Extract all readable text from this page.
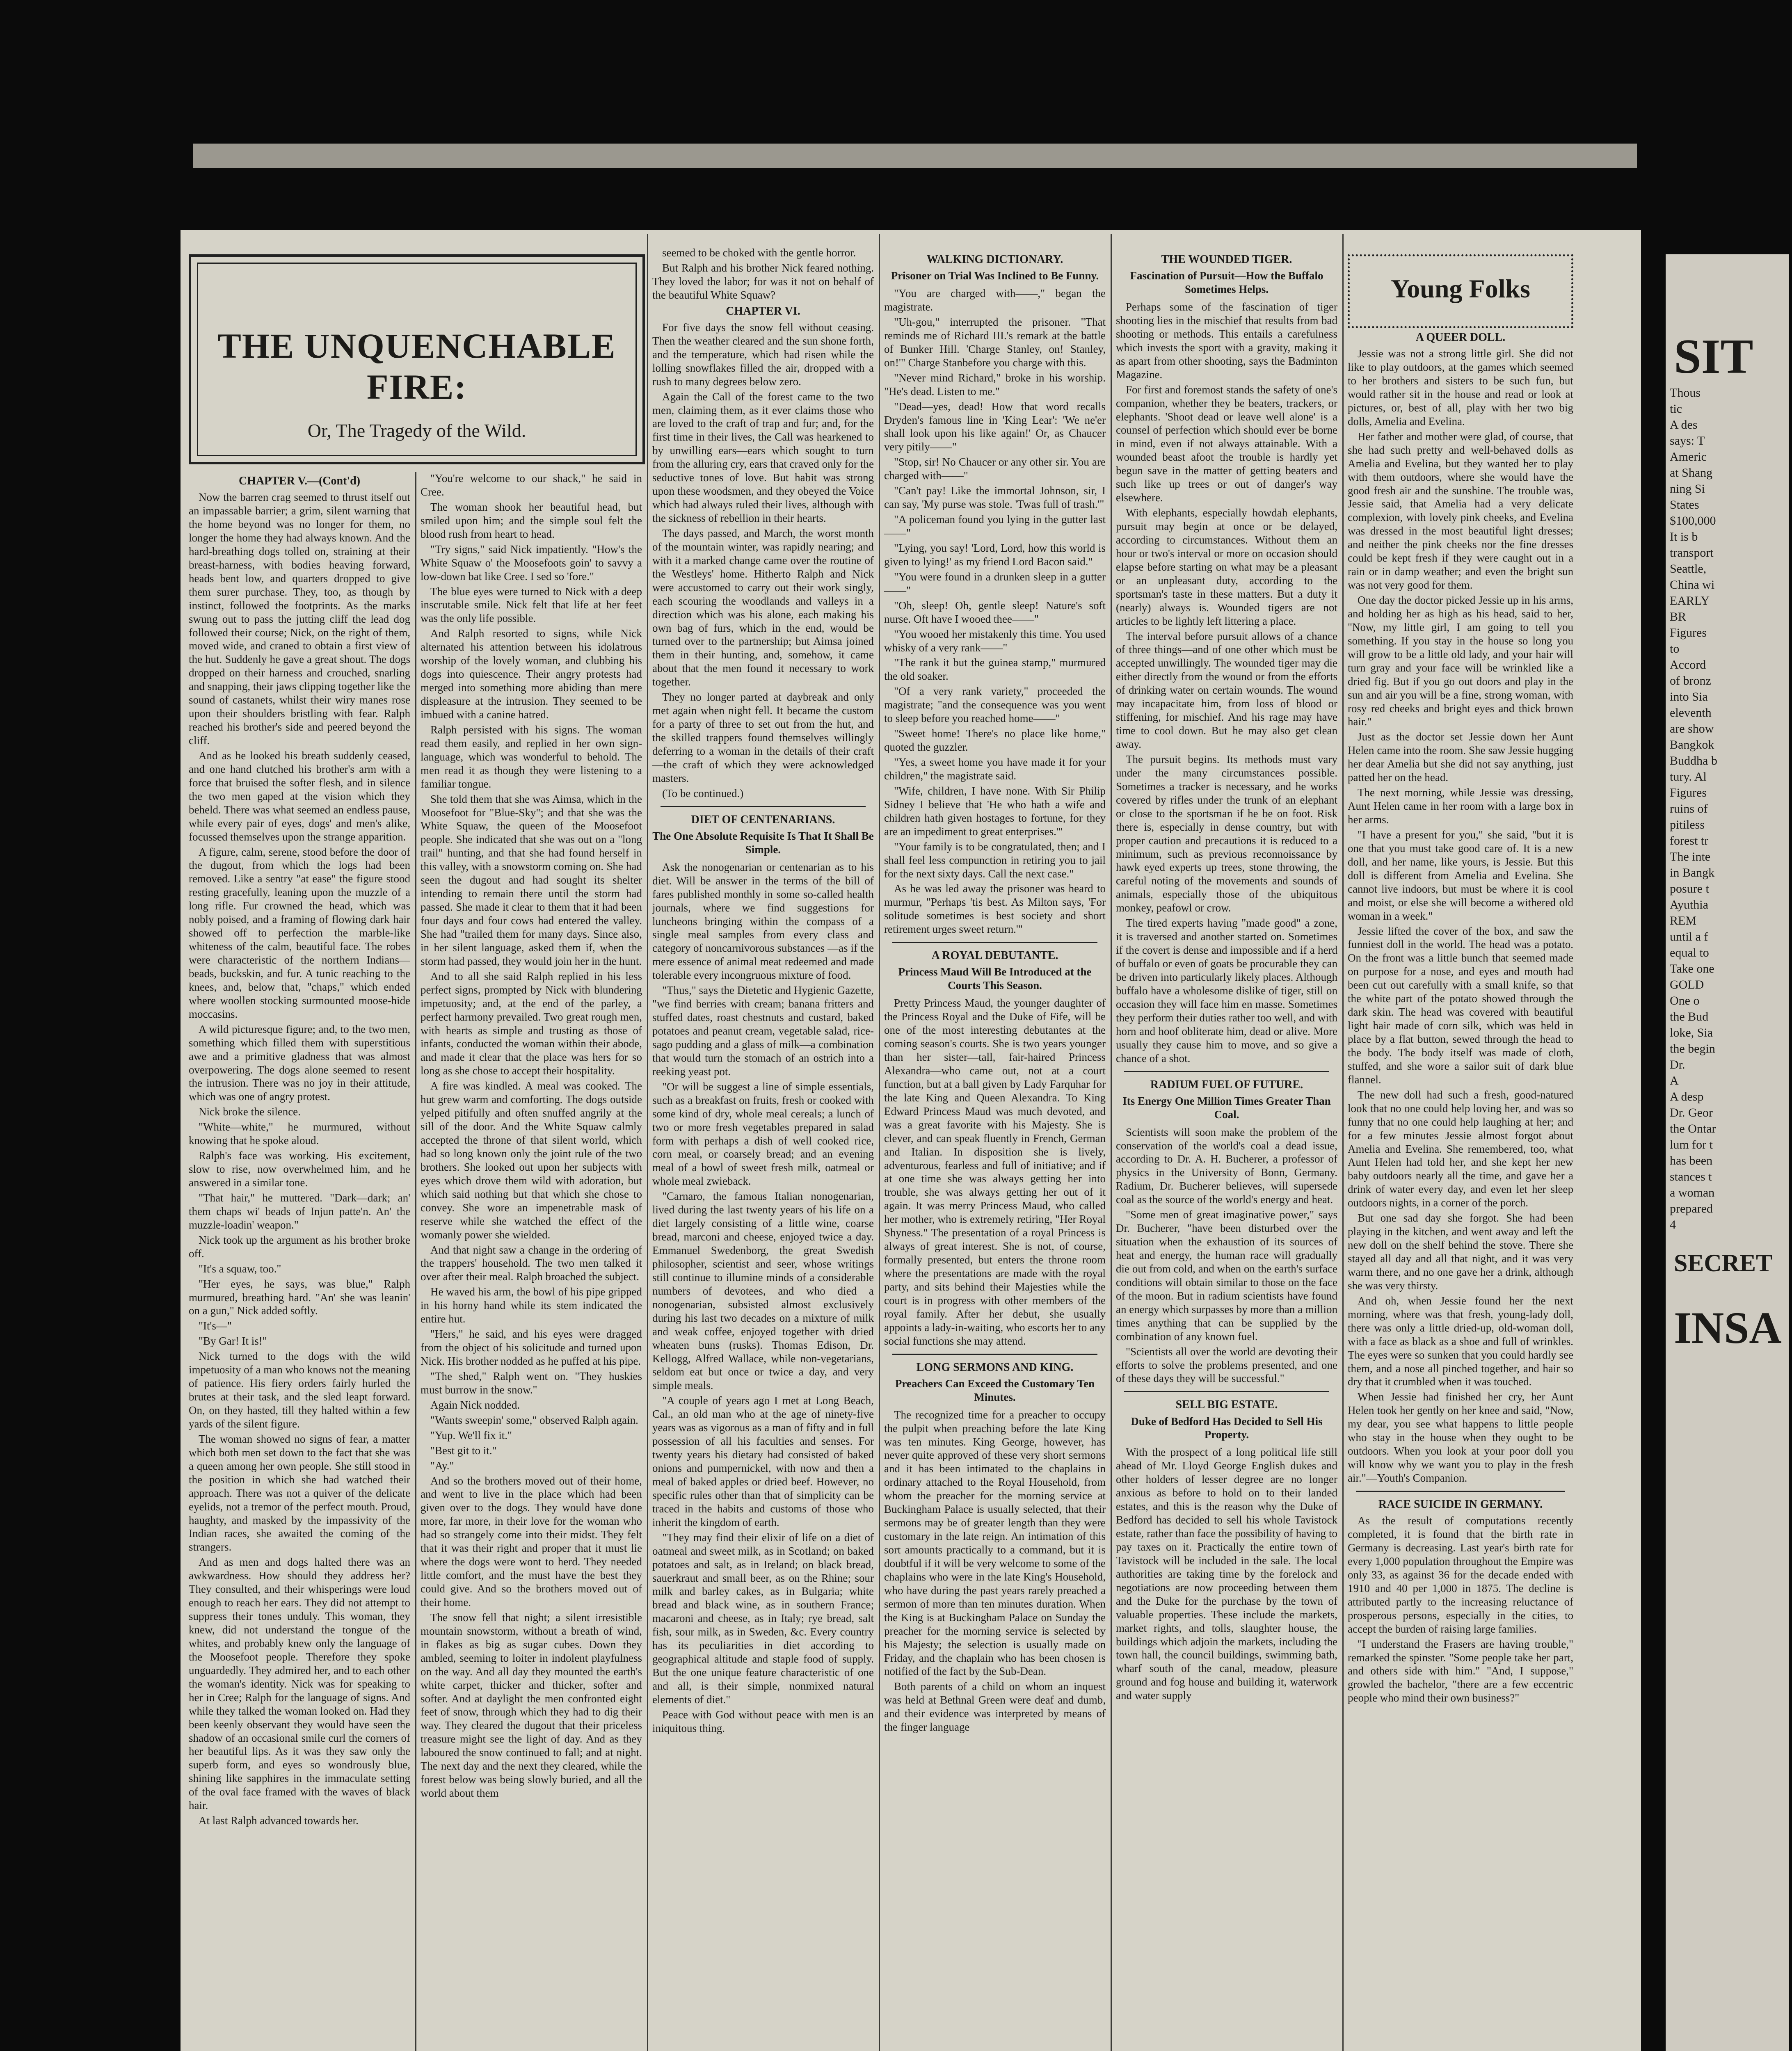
THE UNQUENCHABLE FIRE:
Or, The Tragedy of the Wild.
CHAPTER V.—(Cont'd)

Now the barren crag seemed to thrust itself out an impassable barrier; a grim, silent warning that the home beyond was no longer for them, no longer the home they had always known. And the hard-breathing dogs tolled on, straining at their breast-harness, with bodies heaving forward, heads bent low, and quarters dropped to give them surer purchase. They, too, as though by instinct, followed the footprints. As the marks swung out to pass the jutting cliff the lead dog followed their course; Nick, on the right of them, moved wide, and craned to obtain a first view of the hut. Suddenly he gave a great shout. The dogs dropped on their harness and crouched, snarling and snapping, their jaws clipping together like the sound of castanets, whilst their wiry manes rose upon their shoulders bristling with fear. Ralph reached his brother's side and peered beyond the cliff.

And as he looked his breath suddenly ceased, and one hand clutched his brother's arm with a force that bruised the softer flesh, and in silence the two men gaped at the vision which they beheld. There was what seemed an endless pause, while every pair of eyes, dogs' and men's alike, focussed themselves upon the strange apparition.

A figure, calm, serene, stood before the door of the dugout, from which the logs had been removed. Like a sentry "at ease" the figure stood resting gracefully, leaning upon the muzzle of a long rifle. Fur crowned the head, which was nobly poised, and a framing of flowing dark hair showed off to perfection the marble-like whiteness of the calm, beautiful face. The robes were characteristic of the northern Indians—beads, buckskin, and fur. A tunic reaching to the knees, and, below that, "chaps," which ended where woollen stocking surmounted moose-hide moccasins.

A wild picturesque figure; and, to the two men, something which filled them with superstitious awe and a primitive gladness that was almost overpowering. The dogs alone seemed to resent the intrusion. There was no joy in their attitude, which was one of angry protest.

Nick broke the silence.

"White—white," he murmured, without knowing that he spoke aloud.

Ralph's face was working. His excitement, slow to rise, now overwhelmed him, and he answered in a similar tone.

"That hair," he muttered. "Dark—dark; an' them chaps wi' beads of Injun patte'n. An' the muzzle-loadin' weapon."

Nick took up the argument as his brother broke off.

"It's a squaw, too."

"Her eyes, he says, was blue," Ralph murmured, breathing hard. "An' she was leanin' on a gun," Nick added softly.

"It's—"

"By Gar! It is!"

Nick turned to the dogs with the wild impetuosity of a man who knows not the meaning of patience. His fiery orders fairly hurled the brutes at their task, and the sled leapt forward. On, on they hasted, till they halted within a few yards of the silent figure.

The woman showed no signs of fear, a matter which both men set down to the fact that she was a queen among her own people. She still stood in the position in which she had watched their approach. There was not a quiver of the delicate eyelids, not a tremor of the perfect mouth. Proud, haughty, and masked by the impassivity of the Indian races, she awaited the coming of the strangers.

And as men and dogs halted there was an awkwardness. How should they address her? They consulted, and their whisperings were loud enough to reach her ears. They did not attempt to suppress their tones unduly. This woman, they knew, did not understand the tongue of the whites, and probably knew only the language of the Moosefoot people. Therefore they spoke unguardedly. They admired her, and to each other the woman's identity. Nick was for speaking to her in Cree; Ralph for the language of signs. And while they talked the woman looked on. Had they been keenly observant they would have seen the shadow of an occasional smile curl the corners of her beautiful lips. As it was they saw only the superb form, and eyes so wondrously blue, shining like sapphires in the immaculate setting of the oval face framed with the waves of black hair.

At last Ralph advanced towards her.

"You're welcome to our shack," he said in Cree.

The woman shook her beautiful head, but smiled upon him; and the simple soul felt the blood rush from heart to head.

"Try signs," said Nick impatiently. "How's the White Squaw o' the Moosefoots goin' to savvy a low-down bat like Cree. I sed so 'fore."

The blue eyes were turned to Nick with a deep inscrutable smile. Nick felt that life at her feet was the only life possible.

And Ralph resorted to signs, while Nick alternated his attention between his idolatrous worship of the lovely woman, and clubbing his dogs into quiescence. Their angry protests had merged into something more abiding than mere displeasure at the intrusion. They seemed to be imbued with a canine hatred.

Ralph persisted with his signs. The woman read them easily, and replied in her own sign-language, which was wonderful to behold. The men read it as though they were listening to a familiar tongue.

She told them that she was Aimsa, which in the Moosefoot for "Blue-Sky"; and that she was the White Squaw, the queen of the Moosefoot people. She indicated that she was out on a "long trail" hunting, and that she had found herself in this valley, with a snowstorm coming on. She had seen the dugout and had sought its shelter intending to remain there until the storm had passed. She made it clear to them that it had been four days and four cows had entered the valley. She had "trailed them for many days. Since also, in her silent language, asked them if, when the storm had passed, they would join her in the hunt.

And to all she said Ralph replied in his less perfect signs, prompted by Nick with blundering impetuosity; and, at the end of the parley, a perfect harmony prevailed. Two great rough men, with hearts as simple and trusting as those of infants, conducted the woman within their abode, and made it clear that the place was hers for so long as she chose to accept their hospitality.

A fire was kindled. A meal was cooked. The hut grew warm and comforting. The dogs outside yelped pitifully and often snuffed angrily at the sill of the door. And the White Squaw calmly accepted the throne of that silent world, which had so long known only the joint rule of the two brothers. She looked out upon her subjects with eyes which drove them wild with adoration, but which said nothing but that which she chose to convey. She wore an impenetrable mask of reserve while she watched the effect of the womanly power she wielded.

And that night saw a change in the ordering of the trappers' household. The two men talked it over after their meal. Ralph broached the subject.

He waved his arm, the bowl of his pipe gripped in his horny hand while its stem indicated the entire hut.

"Hers," he said, and his eyes were dragged from the object of his solicitude and turned upon Nick. His brother nodded as he puffed at his pipe.

"The shed," Ralph went on. "They huskies must burrow in the snow."

Again Nick nodded.

"Wants sweepin' some," observed Ralph again.

"Yup. We'll fix it."

"Best git to it."

"Ay."

And so the brothers moved out of their home, and went to live in the place which had been given over to the dogs. They would have done more, far more, in their love for the woman who had so strangely come into their midst. They felt that it was their right and proper that it must lie where the dogs were wont to herd. They needed little comfort, and the must have the best they could give. And so the brothers moved out of their home.

The snow fell that night; a silent irresistible mountain snowstorm, without a breath of wind, in flakes as big as sugar cubes. Down they ambled, seeming to loiter in indolent playfulness on the way. And all day they mounted the earth's white carpet, thicker and thicker, softer and softer. And at daylight the men confronted eight feet of snow, through which they had to dig their way. They cleared the dugout that their priceless treasure might see the light of day. And as they laboured the snow continued to fall; and at night. The next day and the next they cleared, while the forest below was being slowly buried, and all the world about them

seemed to be choked with the gentle horror.

But Ralph and his brother Nick feared nothing. They loved the labor; for was it not on behalf of the beautiful White Squaw?

CHAPTER VI.

For five days the snow fell without ceasing. Then the weather cleared and the sun shone forth, and the temperature, which had risen while the lolling snowflakes filled the air, dropped with a rush to many degrees below zero.

Again the Call of the forest came to the two men, claiming them, as it ever claims those who are loved to the craft of trap and fur; and, for the first time in their lives, the Call was hearkened to by unwilling ears—ears which sought to turn from the alluring cry, ears that craved only for the seductive tones of love. But habit was strong upon these woodsmen, and they obeyed the Voice which had always ruled their lives, although with the sickness of rebellion in their hearts.

The days passed, and March, the worst month of the mountain winter, was rapidly nearing; and with it a marked change came over the routine of the Westleys' home. Hitherto Ralph and Nick were accustomed to carry out their work singly, each scouring the woodlands and valleys in a direction which was his alone, each making his own bag of furs, which in the end, would be turned over to the partnership; but Aimsa joined them in their hunting, and, somehow, it came about that the men found it necessary to work together.

They no longer parted at daybreak and only met again when night fell. It became the custom for a party of three to set out from the hut, and the skilled trappers found themselves willingly deferring to a woman in the details of their craft—the craft of which they were acknowledged masters.

(To be continued.)

DIET OF CENTENARIANS.
The One Absolute Requisite Is That It Shall Be Simple.

Ask the nonogenarian or centenarian as to his diet. Will be answer in the terms of the bill of fares published monthly in some so-called health journals, where we find suggestions for luncheons bringing within the compass of a single meal samples from every class and category of noncarnivorous substances —as if the mere essence of animal meat redeemed and made tolerable every incongruous mixture of food.

"Thus," says the Dietetic and Hygienic Gazette, "we find berries with cream; banana fritters and stuffed dates, roast chestnuts and custard, baked potatoes and peanut cream, vegetable salad, rice-sago pudding and a glass of milk—a combination that would turn the stomach of an ostrich into a reeking yeast pot.

"Or will be suggest a line of simple essentials, such as a breakfast on fruits, fresh or cooked with some kind of dry, whole meal cereals; a lunch of two or more fresh vegetables prepared in salad form with perhaps a dish of well cooked rice, corn meal, or coarsely bread; and an evening meal of a bowl of sweet fresh milk, oatmeal or whole meal zwieback.

"Carnaro, the famous Italian nonogenarian, lived during the last twenty years of his life on a diet largely consisting of a little wine, coarse bread, marconi and cheese, enjoyed twice a day. Emmanuel Swedenborg, the great Swedish philosopher, scientist and seer, whose writings still continue to illumine minds of a considerable numbers of devotees, and who died a nonogenarian, subsisted almost exclusively during his last two decades on a mixture of milk and weak coffee, enjoyed together with dried wheaten buns (rusks). Thomas Edison, Dr. Kellogg, Alfred Wallace, while non-vegetarians, seldom eat but once or twice a day, and very simple meals.

"A couple of years ago I met at Long Beach, Cal., an old man who at the age of ninety-five years was as vigorous as a man of fifty and in full possession of all his faculties and senses. For twenty years his dietary had consisted of baked onions and pumpernickel, with now and then a meal of baked apples or dried beef. However, no specific rules other than that of simplicity can be traced in the habits and customs of those who inherit the kingdom of earth.

"They may find their elixir of life on a diet of oatmeal and sweet milk, as in Scotland; on baked potatoes and salt, as in Ireland; on black bread, sauerkraut and small beer, as on the Rhine; sour milk and barley cakes, as in Bulgaria; white bread and black wine, as in southern France; macaroni and cheese, as in Italy; rye bread, salt fish, sour milk, as in Sweden, &c. Every country has its peculiarities in diet according to geographical altitude and staple food of supply. But the one unique feature characteristic of one and all, is their simple, nonmixed natural elements of diet."

Peace with God without peace with men is an iniquitous thing.

WALKING DICTIONARY.
Prisoner on Trial Was Inclined to Be Funny.

"You are charged with——," began the magistrate.

"Uh-gou," interrupted the prisoner. "That reminds me of Richard III.'s remark at the battle of Bunker Hill. 'Charge Stanley, on! Stanley, on!'" Charge Stanbefore you charge with this.

"Never mind Richard," broke in his worship. "He's dead. Listen to me."

"Dead—yes, dead! How that word recalls Dryden's famous line in 'King Lear': 'We ne'er shall look upon his like again!' Or, as Chaucer very pitily——"

"Stop, sir! No Chaucer or any other sir. You are charged with——"

"Can't pay! Like the immortal Johnson, sir, I can say, 'My purse was stole. 'Twas full of trash.'"

"A policeman found you lying in the gutter last——"

"Lying, you say! 'Lord, Lord, how this world is given to lying!' as my friend Lord Bacon said."

"You were found in a drunken sleep in a gutter——"

"Oh, sleep! Oh, gentle sleep! Nature's soft nurse. Oft have I wooed thee——"

"You wooed her mistakenly this time. You used whisky of a very rank——"

"The rank it but the guinea stamp," murmured the old soaker.

"Of a very rank variety," proceeded the magistrate; "and the consequence was you went to sleep before you reached home——"

"Sweet home! There's no place like home," quoted the guzzler.

"Yes, a sweet home you have made it for your children," the magistrate said.

"Wife, children, I have none. With Sir Philip Sidney I believe that 'He who hath a wife and children hath given hostages to fortune, for they are an impediment to great enterprises.'"

"Your family is to be congratulated, then; and I shall feel less compunction in retiring you to jail for the next sixty days. Call the next case."

As he was led away the prisoner was heard to murmur, "Perhaps 'tis best. As Milton says, 'For solitude sometimes is best society and short retirement urges sweet return.'"

A ROYAL DEBUTANTE.
Princess Maud Will Be Introduced at the Courts This Season.

Pretty Princess Maud, the younger daughter of the Princess Royal and the Duke of Fife, will be one of the most interesting debutantes at the coming season's courts. She is two years younger than her sister—tall, fair-haired Princess Alexandra—who came out, not at a court function, but at a ball given by Lady Farquhar for the late King and Queen Alexandra. To King Edward Princess Maud was much devoted, and was a great favorite with his Majesty. She is clever, and can speak fluently in French, German and Italian. In disposition she is lively, adventurous, fearless and full of initiative; and if at one time she was always getting her into trouble, she was always getting her out of it again. It was merry Princess Maud, who called her mother, who is extremely retiring, "Her Royal Shyness." The presentation of a royal Princess is always of great interest. She is not, of course, formally presented, but enters the throne room where the presentations are made with the royal party, and sits behind their Majesties while the court is in progress with other members of the royal family. After her debut, she usually appoints a lady-in-waiting, who escorts her to any social functions she may attend.

LONG SERMONS AND KING.
Preachers Can Exceed the Customary Ten Minutes.

The recognized time for a preacher to occupy the pulpit when preaching before the late King was ten minutes. King George, however, has never quite approved of these very short sermons and it has been intimated to the chaplains in ordinary attached to the Royal Household, from whom the preacher for the morning service at Buckingham Palace is usually selected, that their sermons may be of greater length than they were customary in the late reign. An intimation of this sort amounts practically to a command, but it is doubtful if it will be very welcome to some of the chaplains who were in the late King's Household, who have during the past years rarely preached a sermon of more than ten minutes duration. When the King is at Buckingham Palace on Sunday the preacher for the morning service is selected by his Majesty; the selection is usually made on Friday, and the chaplain who has been chosen is notified of the fact by the Sub-Dean.

Both parents of a child on whom an inquest was held at Bethnal Green were deaf and dumb, and their evidence was interpreted by means of the finger language

THE WOUNDED TIGER.
Fascination of Pursuit—How the Buffalo Sometimes Helps.

Perhaps some of the fascination of tiger shooting lies in the mischief that results from bad shooting or methods. This entails a carefulness which invests the sport with a gravity, making it as apart from other shooting, says the Badminton Magazine.

For first and foremost stands the safety of one's companion, whether they be beaters, trackers, or elephants. 'Shoot dead or leave well alone' is a counsel of perfection which should ever be borne in mind, even if not always attainable. With a wounded beast afoot the trouble is hardly yet begun save in the matter of getting beaters and such like up trees or out of danger's way elsewhere.

With elephants, especially howdah elephants, pursuit may begin at once or be delayed, according to circumstances. Without them an hour or two's interval or more on occasion should elapse before starting on what may be a pleasant or an unpleasant duty, according to the sportsman's taste in these matters. But a duty it (nearly) always is. Wounded tigers are not articles to be lightly left littering a place.

The interval before pursuit allows of a chance of three things—and of one other which must be accepted unwillingly. The wounded tiger may die either directly from the wound or from the efforts of drinking water on certain wounds. The wound may incapacitate him, from loss of blood or stiffening, for mischief. And his rage may have time to cool down. But he may also get clean away.

The pursuit begins. Its methods must vary under the many circumstances possible. Sometimes a tracker is necessary, and he works covered by rifles under the trunk of an elephant or close to the sportsman if he be on foot. Risk there is, especially in dense country, but with proper caution and precautions it is reduced to a minimum, such as previous reconnoissance by hawk eyed experts up trees, stone throwing, the careful noting of the movements and sounds of animals, especially those of the ubiquitous monkey, peafowl or crow.

The tired experts having "made good" a zone, it is traversed and another started on. Sometimes if the covert is dense and impossible and if a herd of buffalo or even of goats be procurable they can be driven into particularly likely places. Although buffalo have a wholesome dislike of tiger, still on occasion they will face him en masse. Sometimes they perform their duties rather too well, and with horn and hoof obliterate him, dead or alive. More usually they cause him to move, and so give a chance of a shot.

RADIUM FUEL OF FUTURE.
Its Energy One Million Times Greater Than Coal.

Scientists will soon make the problem of the conservation of the world's coal a dead issue, according to Dr. A. H. Bucherer, a professor of physics in the University of Bonn, Germany. Radium, Dr. Bucherer believes, will supersede coal as the source of the world's energy and heat.

"Some men of great imaginative power," says Dr. Bucherer, "have been disturbed over the situation when the exhaustion of its sources of heat and energy, the human race will gradually die out from cold, and when on the earth's surface conditions will obtain similar to those on the face of the moon. But in radium scientists have found an energy which surpasses by more than a million times anything that can be supplied by the combination of any known fuel.

"Scientists all over the world are devoting their efforts to solve the problems presented, and one of these days they will be successful."

SELL BIG ESTATE.
Duke of Bedford Has Decided to Sell His Property.

With the prospect of a long political life still ahead of Mr. Lloyd George English dukes and other holders of lesser degree are no longer anxious as before to hold on to their landed estates, and this is the reason why the Duke of Bedford has decided to sell his whole Tavistock estate, rather than face the possibility of having to pay taxes on it. Practically the entire town of Tavistock will be included in the sale. The local authorities are taking time by the forelock and negotiations are now proceeding between them and the Duke for the purchase by the town of valuable properties. These include the markets, market rights, and tolls, slaughter house, the buildings which adjoin the markets, including the town hall, the council buildings, swimming bath, wharf south of the canal, meadow, pleasure ground and fog house and building it, waterwork and water supply

Young Folks
A QUEER DOLL.

Jessie was not a strong little girl. She did not like to play outdoors, at the games which seemed to her brothers and sisters to be such fun, but would rather sit in the house and read or look at pictures, or, best of all, play with her two big dolls, Amelia and Evelina.

Her father and mother were glad, of course, that she had such pretty and well-behaved dolls as Amelia and Evelina, but they wanted her to play with them outdoors, where she would have the good fresh air and the sunshine. The trouble was, Jessie said, that Amelia had a very delicate complexion, with lovely pink cheeks, and Evelina was dressed in the most beautiful light dresses; and neither the pink cheeks nor the fine dresses could be kept fresh if they were caught out in a rain or in damp weather; and even the bright sun was not very good for them.

One day the doctor picked Jessie up in his arms, and holding her as high as his head, said to her, "Now, my little girl, I am going to tell you something. If you stay in the house so long you will grow to be a little old lady, and your hair will turn gray and your face will be wrinkled like a dried fig. But if you go out doors and play in the sun and air you will be a fine, strong woman, with rosy red cheeks and bright eyes and thick brown hair."

Just as the doctor set Jessie down her Aunt Helen came into the room. She saw Jessie hugging her dear Amelia but she did not say anything, just patted her on the head.

The next morning, while Jessie was dressing, Aunt Helen came in her room with a large box in her arms.

"I have a present for you," she said, "but it is one that you must take good care of. It is a new doll, and her name, like yours, is Jessie. But this doll is different from Amelia and Evelina. She cannot live indoors, but must be where it is cool and moist, or else she will become a withered old woman in a week."

Jessie lifted the cover of the box, and saw the funniest doll in the world. The head was a potato. On the front was a little bunch that seemed made on purpose for a nose, and eyes and mouth had been cut out carefully with a small knife, so that the white part of the potato showed through the dark skin. The head was covered with beautiful light hair made of corn silk, which was held in place by a flat button, sewed through the head to the body. The body itself was made of cloth, stuffed, and she wore a sailor suit of dark blue flannel.

The new doll had such a fresh, good-natured look that no one could help loving her, and was so funny that no one could help laughing at her; and for a few minutes Jessie almost forgot about Amelia and Evelina. She remembered, too, what Aunt Helen had told her, and she kept her new baby outdoors nearly all the time, and gave her a drink of water every day, and even let her sleep outdoors nights, in a corner of the porch.

But one sad day she forgot. She had been playing in the kitchen, and went away and left the new doll on the shelf behind the stove. There she stayed all day and all that night, and it was very warm there, and no one gave her a drink, although she was very thirsty.

And oh, when Jessie found her the next morning, where was that fresh, young-lady doll, there was only a little dried-up, old-woman doll, with a face as black as a shoe and full of wrinkles. The eyes were so sunken that you could hardly see them, and a nose all pinched together, and hair so dry that it crumbled when it was touched.

When Jessie had finished her cry, her Aunt Helen took her gently on her knee and said, "Now, my dear, you see what happens to little people who stay in the house when they ought to be outdoors. When you look at your poor doll you will know why we want you to play in the fresh air."—Youth's Companion.

RACE SUICIDE IN GERMANY.

As the result of computations recently completed, it is found that the birth rate in Germany is decreasing. Last year's birth rate for every 1,000 population throughout the Empire was only 33, as against 36 for the decade ended with 1910 and 40 per 1,000 in 1875. The decline is attributed partly to the increasing reluctance of prosperous persons, especially in the cities, to accept the burden of raising large families.

"I understand the Frasers are having trouble," remarked the spinster. "Some people take her part, and others side with him." "And, I suppose," growled the bachelor, "there are a few eccentric people who mind their own business?"

SIT
Thous
tic
A des
says: T
Americ
at Shang
ning Si
States
$100,000
It is b
transport
Seattle,
China wi
EARLY
BR
Figures
to
Accord
of bronz
into Sia
eleventh
are show
Bangkok
Buddha b
tury. Al
Figures
ruins of
pitiless
forest tr
The inte
in Bangk
posure t
Ayuthia
REM
until a f
equal to
Take one
GOLD
One o
the Bud
loke, Sia
the begin
Dr.
A
A desp
Dr. Geor
the Ontar
lum for t
has been
stances t
a woman
prepared
4
SECRET
INSA
